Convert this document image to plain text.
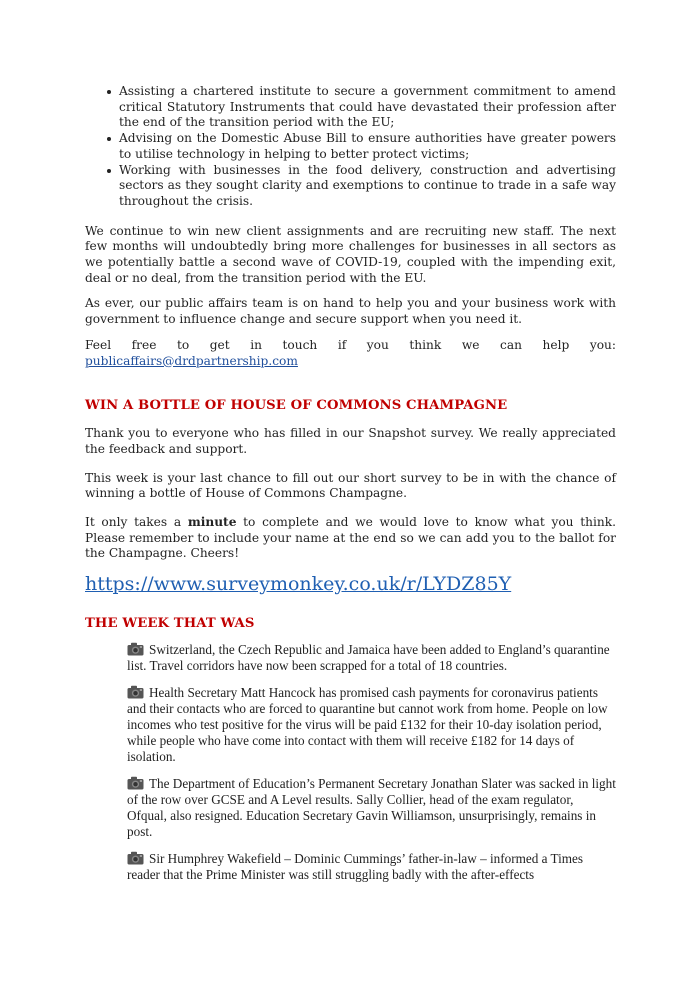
Assisting a chartered institute to secure a government commitment to amend critical Statutory Instruments that could have devastated their profession after the end of the transition period with the EU;
Advising on the Domestic Abuse Bill to ensure authorities have greater powers to utilise technology in helping to better protect victims;
Working with businesses in the food delivery, construction and advertising sectors as they sought clarity and exemptions to continue to trade in a safe way throughout the crisis.

We continue to win new client assignments and are recruiting new staff. The next few months will undoubtedly bring more challenges for businesses in all sectors as we potentially battle a second wave of COVID-19, coupled with the impending exit, deal or no deal, from the transition period with the EU.

As ever, our public affairs team is on hand to help you and your business work with government to influence change and secure support when you need it.

Feel free to get in touch if you think we can help you: publicaffairs@drdpartnership.com

WIN A BOTTLE OF HOUSE OF COMMONS CHAMPAGNE

Thank you to everyone who has filled in our Snapshot survey. We really appreciated the feedback and support.

This week is your last chance to fill out our short survey to be in with the chance of winning a bottle of House of Commons Champagne.

It only takes a minute to complete and we would love to know what you think. Please remember to include your name at the end so we can add you to the ballot for the Champagne. Cheers!

https://www.surveymonkey.co.uk/r/LYDZ85Y
THE WEEK THAT WAS
Switzerland, the Czech Republic and Jamaica have been added to England’s quarantine list. Travel corridors have now been scrapped for a total of 18 countries.
Health Secretary Matt Hancock has promised cash payments for coronavirus patients and their contacts who are forced to quarantine but cannot work from home. People on low incomes who test positive for the virus will be paid £132 for their 10-day isolation period, while people who have come into contact with them will receive £182 for 14 days of isolation.
The Department of Education’s Permanent Secretary Jonathan Slater was sacked in light of the row over GCSE and A Level results. Sally Collier, head of the exam regulator, Ofqual, also resigned. Education Secretary Gavin Williamson, unsurprisingly, remains in post.
Sir Humphrey Wakefield – Dominic Cummings’ father-in-law – informed a Times reader that the Prime Minister was still struggling badly with the after-effects
